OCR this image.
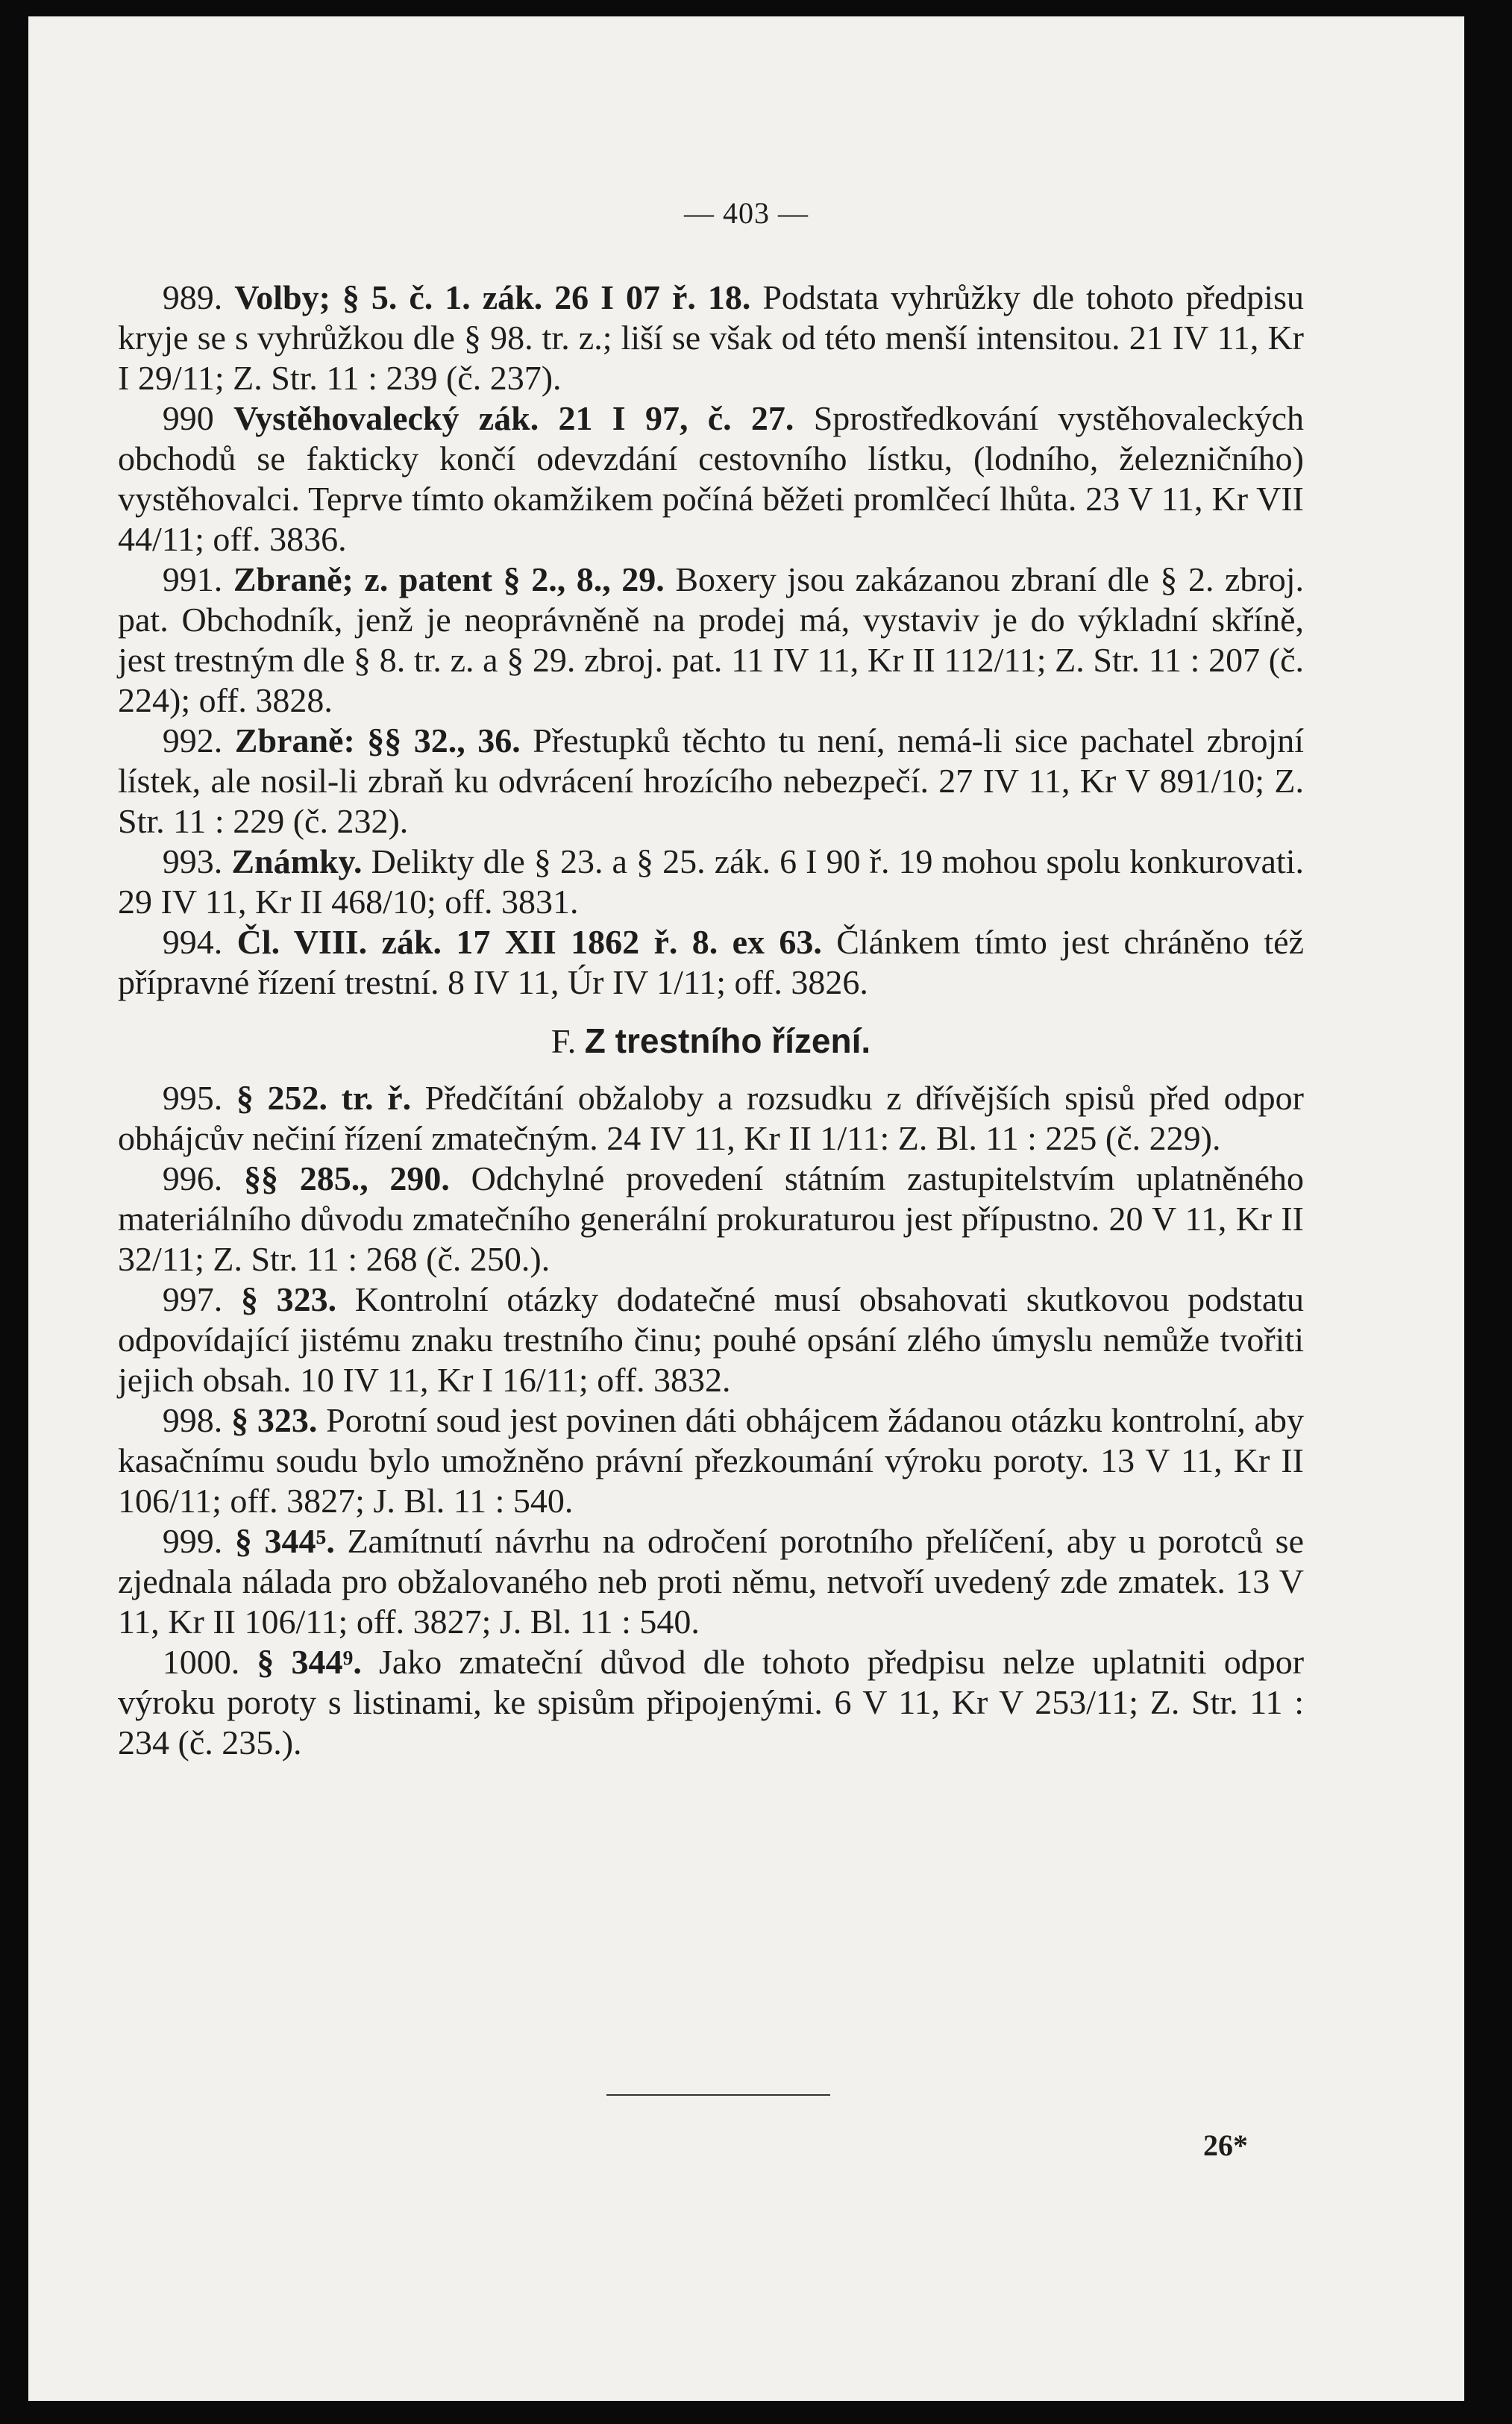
— 403 —

989. Volby; § 5. č. 1. zák. 26 I 07 ř. 18. Podstata vyhrůžky dle tohoto předpisu kryje se s vyhrůžkou dle § 98. tr. z.; liší se však od této menší intensitou. 21 IV 11, Kr I 29/11; Z. Str. 11 : 239 (č. 237).

990 Vystěhovalecký zák. 21 I 97, č. 27. Sprostředkování vystěhovaleckých obchodů se fakticky končí odevzdání cestovního lístku, (lodního, železničního) vystěhovalci. Teprve tímto okamžikem počíná běžeti promlčecí lhůta. 23 V 11, Kr VII 44/11; off. 3836.

991. Zbraně; z. patent § 2., 8., 29. Boxery jsou zakázanou zbraní dle § 2. zbroj. pat. Obchodník, jenž je neoprávněně na prodej má, vystaviv je do výkladní skříně, jest trestným dle § 8. tr. z. a § 29. zbroj. pat. 11 IV 11, Kr II 112/11; Z. Str. 11 : 207 (č. 224); off. 3828.

992. Zbraně: §§ 32., 36. Přestupků těchto tu není, nemá-li sice pachatel zbrojní lístek, ale nosil-li zbraň ku odvrácení hrozícího nebezpečí. 27 IV 11, Kr V 891/10; Z. Str. 11 : 229 (č. 232).

993. Známky. Delikty dle § 23. a § 25. zák. 6 I 90 ř. 19 mohou spolu konkurovati. 29 IV 11, Kr II 468/10; off. 3831.

994. Čl. VIII. zák. 17 XII 1862 ř. 8. ex 63. Článkem tímto jest chráněno též přípravné řízení trestní. 8 IV 11, Úr IV 1/11; off. 3826.

F. Z trestního řízení.

995. § 252. tr. ř. Předčítání obžaloby a rozsudku z dřívějších spisů před odpor obhájcův nečiní řízení zmatečným. 24 IV 11, Kr II 1/11: Z. Bl. 11 : 225 (č. 229).

996. §§ 285., 290. Odchylné provedení státním zastupitelstvím uplatněného materiálního důvodu zmatečního generální prokuraturou jest přípustno. 20 V 11, Kr II 32/11; Z. Str. 11 : 268 (č. 250.).

997. § 323. Kontrolní otázky dodatečné musí obsahovati skutkovou podstatu odpovídající jistému znaku trestního činu; pouhé opsání zlého úmyslu nemůže tvořiti jejich obsah. 10 IV 11, Kr I 16/11; off. 3832.

998. § 323. Porotní soud jest povinen dáti obhájcem žádanou otázku kontrolní, aby kasačnímu soudu bylo umožněno právní přezkoumání výroku poroty. 13 V 11, Kr II 106/11; off. 3827; J. Bl. 11 : 540.

999. § 344⁵. Zamítnutí návrhu na odročení porotního přelíčení, aby u porotců se zjednala nálada pro obžalovaného neb proti němu, netvoří uvedený zde zmatek. 13 V 11, Kr II 106/11; off. 3827; J. Bl. 11 : 540.

1000. § 344⁹. Jako zmateční důvod dle tohoto předpisu nelze uplatniti odpor výroku poroty s listinami, ke spisům připojenými. 6 V 11, Kr V 253/11; Z. Str. 11 : 234 (č. 235.).

26*
